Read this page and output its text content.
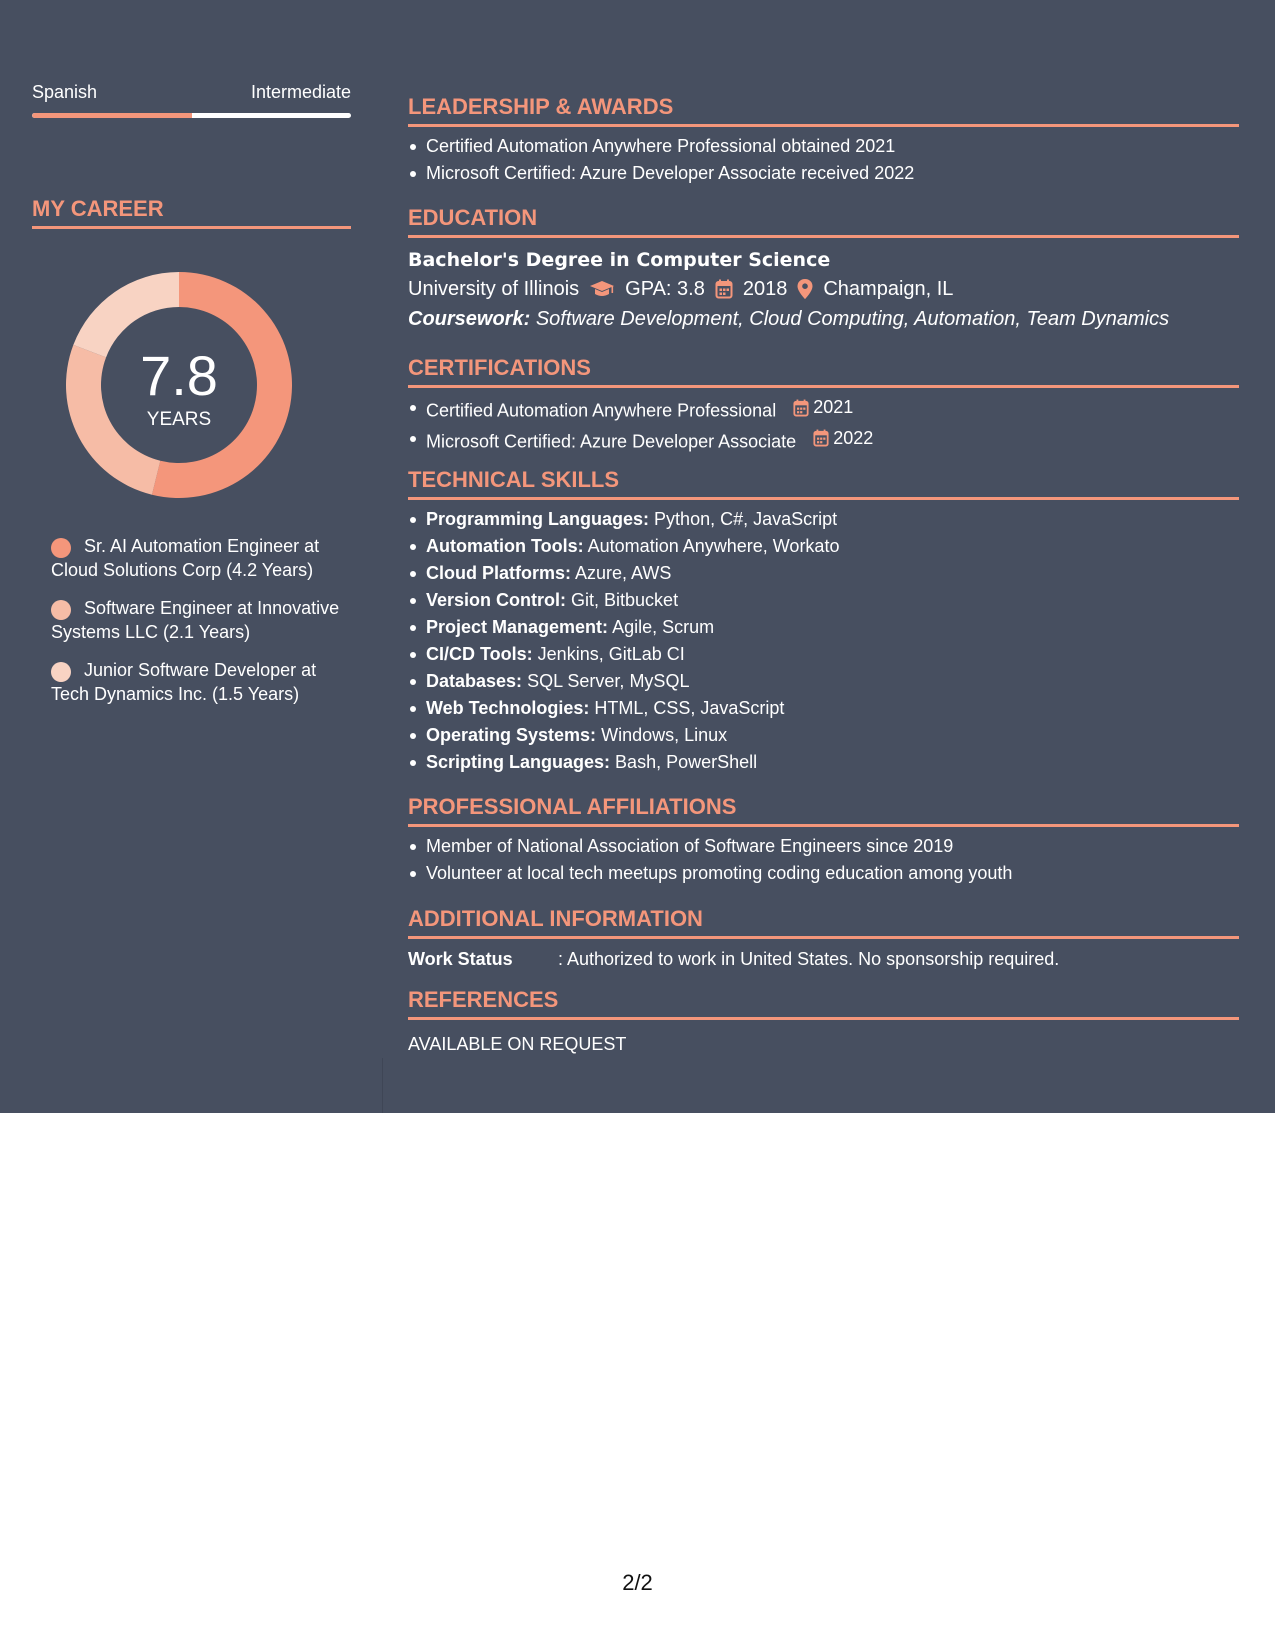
Spanish	Intermediate
MY CAREER
7.8
YEARS
Sr. AI Automation Engineer at Cloud Solutions Corp (4.2 Years)
Software Engineer at Innovative Systems LLC (2.1 Years)
Junior Software Developer at Tech Dynamics Inc. (1.5 Years)
LEADERSHIP & AWARDS
Certified Automation Anywhere Professional obtained 2021
Microsoft Certified: Azure Developer Associate received 2022
EDUCATION
Bachelor's Degree in Computer Science
University of Illinois GPA: 3.8 2018 Champaign, IL
Coursework: Software Development, Cloud Computing, Automation, Team Dynamics
CERTIFICATIONS
Certified Automation Anywhere Professional 2021
Microsoft Certified: Azure Developer Associate 2022
TECHNICAL SKILLS
Programming Languages: Python, C#, JavaScript
Automation Tools: Automation Anywhere, Workato
Cloud Platforms: Azure, AWS
Version Control: Git, Bitbucket
Project Management: Agile, Scrum
CI/CD Tools: Jenkins, GitLab CI
Databases: SQL Server, MySQL
Web Technologies: HTML, CSS, JavaScript
Operating Systems: Windows, Linux
Scripting Languages: Bash, PowerShell
PROFESSIONAL AFFILIATIONS
Member of National Association of Software Engineers since 2019
Volunteer at local tech meetups promoting coding education among youth
ADDITIONAL INFORMATION
Work Status	: Authorized to work in United States. No sponsorship required.
REFERENCES
AVAILABLE ON REQUEST
2/2
